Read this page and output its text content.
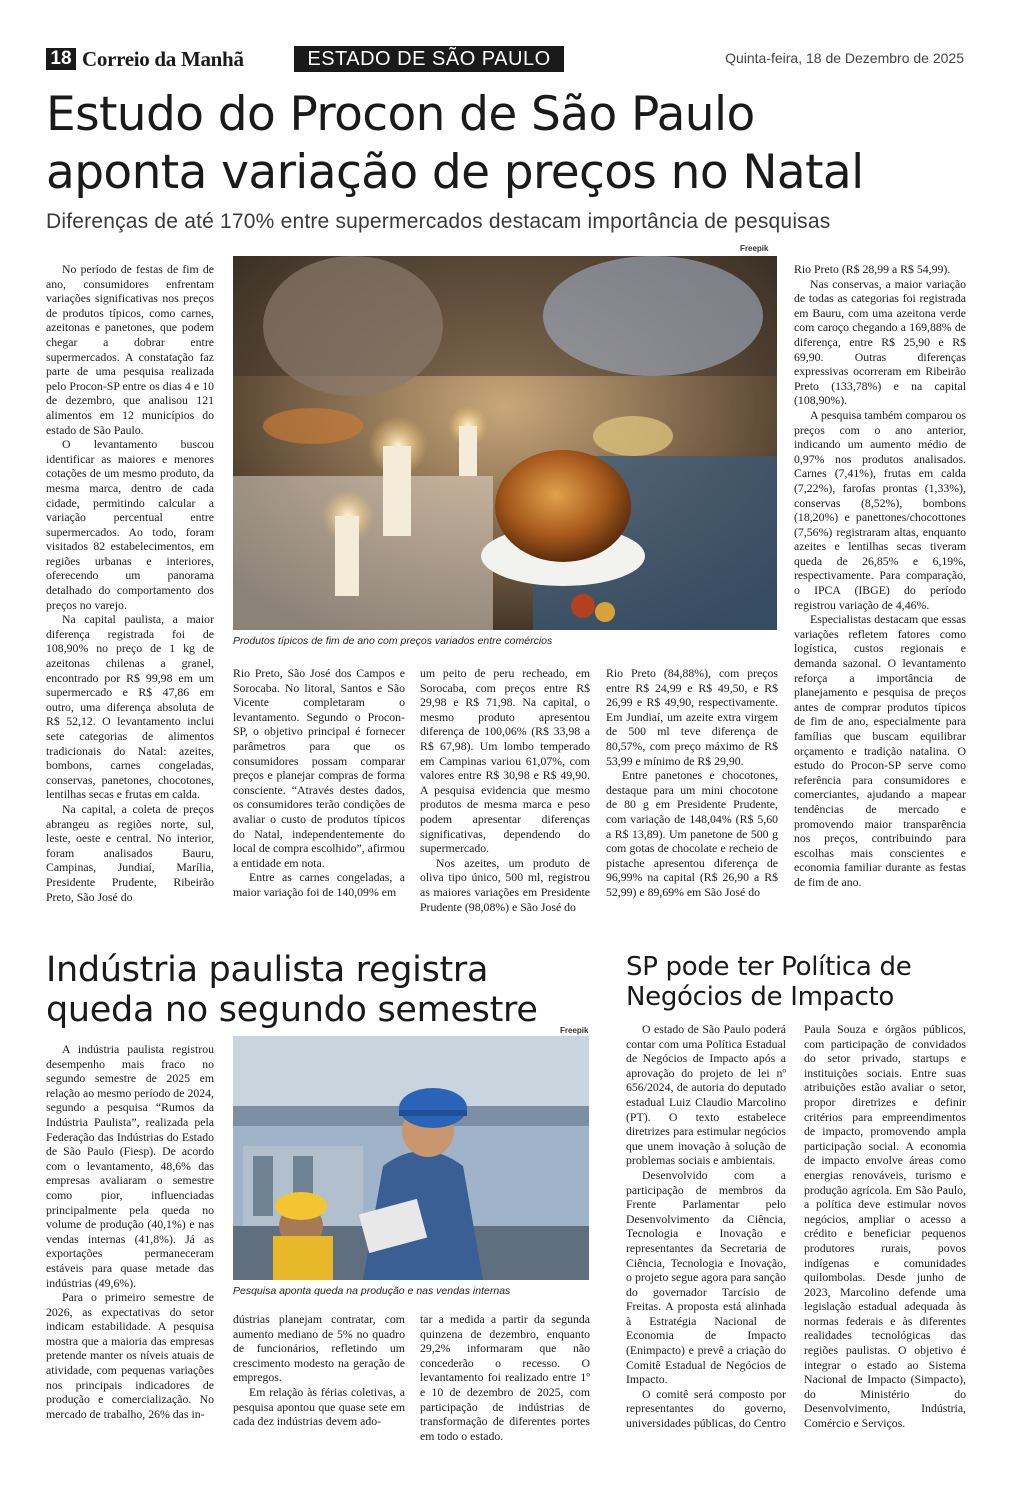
18 Correio da Manhã	ESTADO DE SÃO PAULO	Quinta-feira, 18 de Dezembro de 2025
Estudo do Procon de São Paulo
aponta variação de preços no Natal
Diferenças de até 170% entre supermercados destacam importância de pesquisas

No período de festas de fim de ano, consumidores enfrentam variações significativas nos preços de produtos típicos, como carnes, azeitonas e panetones, que podem chegar a dobrar entre supermercados. A constatação faz parte de uma pesquisa realizada pelo Procon-SP entre os dias 4 e 10 de dezembro, que analisou 121 alimentos em 12 municípios do estado de São Paulo.

O levantamento buscou identificar as maiores e menores cotações de um mesmo produto, da mesma marca, dentro de cada cidade, permitindo calcular a variação percentual entre supermercados. Ao todo, foram visitados 82 estabelecimentos, em regiões urbanas e interiores, oferecendo um panorama detalhado do comportamento dos preços no varejo.

Na capital paulista, a maior diferença registrada foi de 108,90% no preço de 1 kg de azeitonas chilenas a granel, encontrado por R$ 99,98 em um supermercado e R$ 47,86 em outro, uma diferença absoluta de R$ 52,12. O levantamento inclui sete categorias de alimentos tradicionais do Natal: azeites, bombons, carnes congeladas, conservas, panetones, chocotones, lentilhas secas e frutas em calda.

Na capital, a coleta de preços abrangeu as regiões norte, sul, leste, oeste e central. No interior, foram analisados Bauru, Campinas, Jundiaí, Marília, Presidente Prudente, Ribeirão Preto, São José do

Freepik
Produtos típicos de fim de ano com preços variados entre comércios

Rio Preto, São José dos Campos e Sorocaba. No litoral, Santos e São Vicente completaram o levantamento. Segundo o Procon-SP, o objetivo principal é fornecer parâmetros para que os consumidores possam comparar preços e planejar compras de forma consciente. “Através destes dados, os consumidores terão condições de avaliar o custo de produtos típicos do Natal, independentemente do local de compra escolhido”, afirmou a entidade em nota.

Entre as carnes congeladas, a maior variação foi de 140,09% em

um peito de peru recheado, em Sorocaba, com preços entre R$ 29,98 e R$ 71,98. Na capital, o mesmo produto apresentou diferença de 100,06% (R$ 33,98 a R$ 67,98). Um lombo temperado em Campinas variou 61,07%, com valores entre R$ 30,98 e R$ 49,90. A pesquisa evidencia que mesmo produtos de mesma marca e peso podem apresentar diferenças significativas, dependendo do supermercado.

Nos azeites, um produto de oliva tipo único, 500 ml, registrou as maiores variações em Presidente Prudente (98,08%) e São José do

Rio Preto (84,88%), com preços entre R$ 24,99 e R$ 49,50, e R$ 26,99 e R$ 49,90, respectivamente. Em Jundiaí, um azeite extra virgem de 500 ml teve diferença de 80,57%, com preço máximo de R$ 53,99 e mínimo de R$ 29,90.

Entre panetones e chocotones, destaque para um mini chocotone de 80 g em Presidente Prudente, com variação de 148,04% (R$ 5,60 a R$ 13,89). Um panetone de 500 g com gotas de chocolate e recheio de pistache apresentou diferença de 96,99% na capital (R$ 26,90 a R$ 52,99) e 89,69% em São José do

Rio Preto (R$ 28,99 a R$ 54,99).

Nas conservas, a maior variação de todas as categorias foi registrada em Bauru, com uma azeitona verde com caroço chegando a 169,88% de diferença, entre R$ 25,90 e R$ 69,90. Outras diferenças expressivas ocorreram em Ribeirão Preto (133,78%) e na capital (108,90%).

A pesquisa também comparou os preços com o ano anterior, indicando um aumento médio de 0,97% nos produtos analisados. Carnes (7,41%), frutas em calda (7,22%), farofas prontas (1,33%), conservas (8,52%), bombons (18,20%) e panettones/chocottones (7,56%) registraram altas, enquanto azeites e lentilhas secas tiveram queda de 26,85% e 6,19%, respectivamente. Para comparação, o IPCA (IBGE) do período registrou variação de 4,46%.

Especialistas destacam que essas variações refletem fatores como logística, custos regionais e demanda sazonal. O levantamento reforça a importância de planejamento e pesquisa de preços antes de comprar produtos típicos de fim de ano, especialmente para famílias que buscam equilibrar orçamento e tradição natalina. O estudo do Procon-SP serve como referência para consumidores e comerciantes, ajudando a mapear tendências de mercado e promovendo maior transparência nos preços, contribuindo para escolhas mais conscientes e economia familiar durante as festas de fim de ano.

Indústria paulista registra
queda no segundo semestre

A indústria paulista registrou desempenho mais fraco no segundo semestre de 2025 em relação ao mesmo período de 2024, segundo a pesquisa “Rumos da Indústria Paulista”, realizada pela Federação das Indústrias do Estado de São Paulo (Fiesp). De acordo com o levantamento, 48,6% das empresas avaliaram o semestre como pior, influenciadas principalmente pela queda no volume de produção (40,1%) e nas vendas internas (41,8%). Já as exportações permaneceram estáveis para quase metade das indústrias (49,6%).

Para o primeiro semestre de 2026, as expectativas do setor indicam estabilidade. A pesquisa mostra que a maioria das empresas pretende manter os níveis atuais de atividade, com pequenas variações nos principais indicadores de produção e comercialização. No mercado de trabalho, 26% das in-

Freepik
Pesquisa aponta queda na produção e nas vendas internas

dústrias planejam contratar, com aumento mediano de 5% no quadro de funcionários, refletindo um crescimento modesto na geração de empregos.

Em relação às férias coletivas, a pesquisa apontou que quase sete em cada dez indústrias devem ado-

tar a medida a partir da segunda quinzena de dezembro, enquanto 29,2% informaram que não concederão o recesso. O levantamento foi realizado entre 1º e 10 de dezembro de 2025, com participação de indústrias de transformação de diferentes portes em todo o estado.

SP pode ter Política de
Negócios de Impacto

O estado de São Paulo poderá contar com uma Política Estadual de Negócios de Impacto após a aprovação do projeto de lei nº 656/2024, de autoria do deputado estadual Luiz Claudio Marcolino (PT). O texto estabelece diretrizes para estimular negócios que unem inovação à solução de problemas sociais e ambientais.

Desenvolvido com a participação de membros da Frente Parlamentar pelo Desenvolvimento da Ciência, Tecnologia e Inovação e representantes da Secretaria de Ciência, Tecnologia e Inovação, o projeto segue agora para sanção do governador Tarcísio de Freitas. A proposta está alinhada à Estratégia Nacional de Economia de Impacto (Enimpacto) e prevê a criação do Comitê Estadual de Negócios de Impacto.

O comitê será composto por representantes do governo, universidades públicas, do Centro

Paula Souza e órgãos públicos, com participação de convidados do setor privado, startups e instituições sociais. Entre suas atribuições estão avaliar o setor, propor diretrizes e definir critérios para empreendimentos de impacto, promovendo ampla participação social. A economia de impacto envolve áreas como energias renováveis, turismo e produção agrícola. Em São Paulo, a política deve estimular novos negócios, ampliar o acesso a crédito e beneficiar pequenos produtores rurais, povos indígenas e comunidades quilombolas. Desde junho de 2023, Marcolino defende uma legislação estadual adequada às normas federais e às diferentes realidades tecnológicas das regiões paulistas. O objetivo é integrar o estado ao Sistema Nacional de Impacto (Simpacto), do Ministério do Desenvolvimento, Indústria, Comércio e Serviços.
